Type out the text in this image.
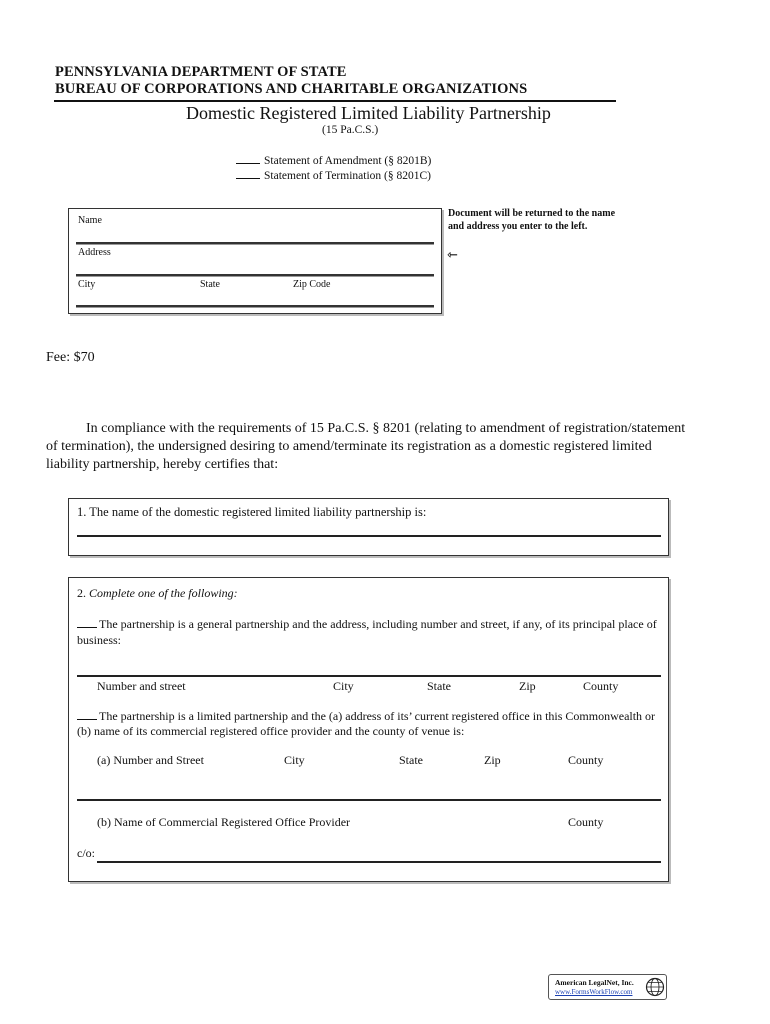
PENNSYLVANIA DEPARTMENT OF STATE
BUREAU OF CORPORATIONS AND CHARITABLE ORGANIZATIONS
Domestic Registered Limited Liability Partnership
(15 Pa.C.S.)
Statement of Amendment (§ 8201B)
Statement of Termination (§ 8201C)
Name
Address
City	State	Zip Code
Document will be returned to the name and address you enter to the left.
⇽
Fee: $70
In compliance with the requirements of 15 Pa.C.S. § 8201 (relating to amendment of registration/statement of termination), the undersigned desiring to amend/terminate its registration as a domestic registered limited liability partnership, hereby certifies that:
1. The name of the domestic registered limited liability partnership is:
2. Complete one of the following:
The partnership is a general partnership and the address, including number and street, if any, of its principal place of business:
Number and street	City	State	Zip	County
The partnership is a limited partnership and the (a) address of its’ current registered office in this Commonwealth or (b) name of its commercial registered office provider and the county of venue is:
(a) Number and Street	City	State	Zip	County
(b) Name of Commercial Registered Office Provider	County
c/o:
American LegalNet, Inc.
www.FormsWorkFlow.com
